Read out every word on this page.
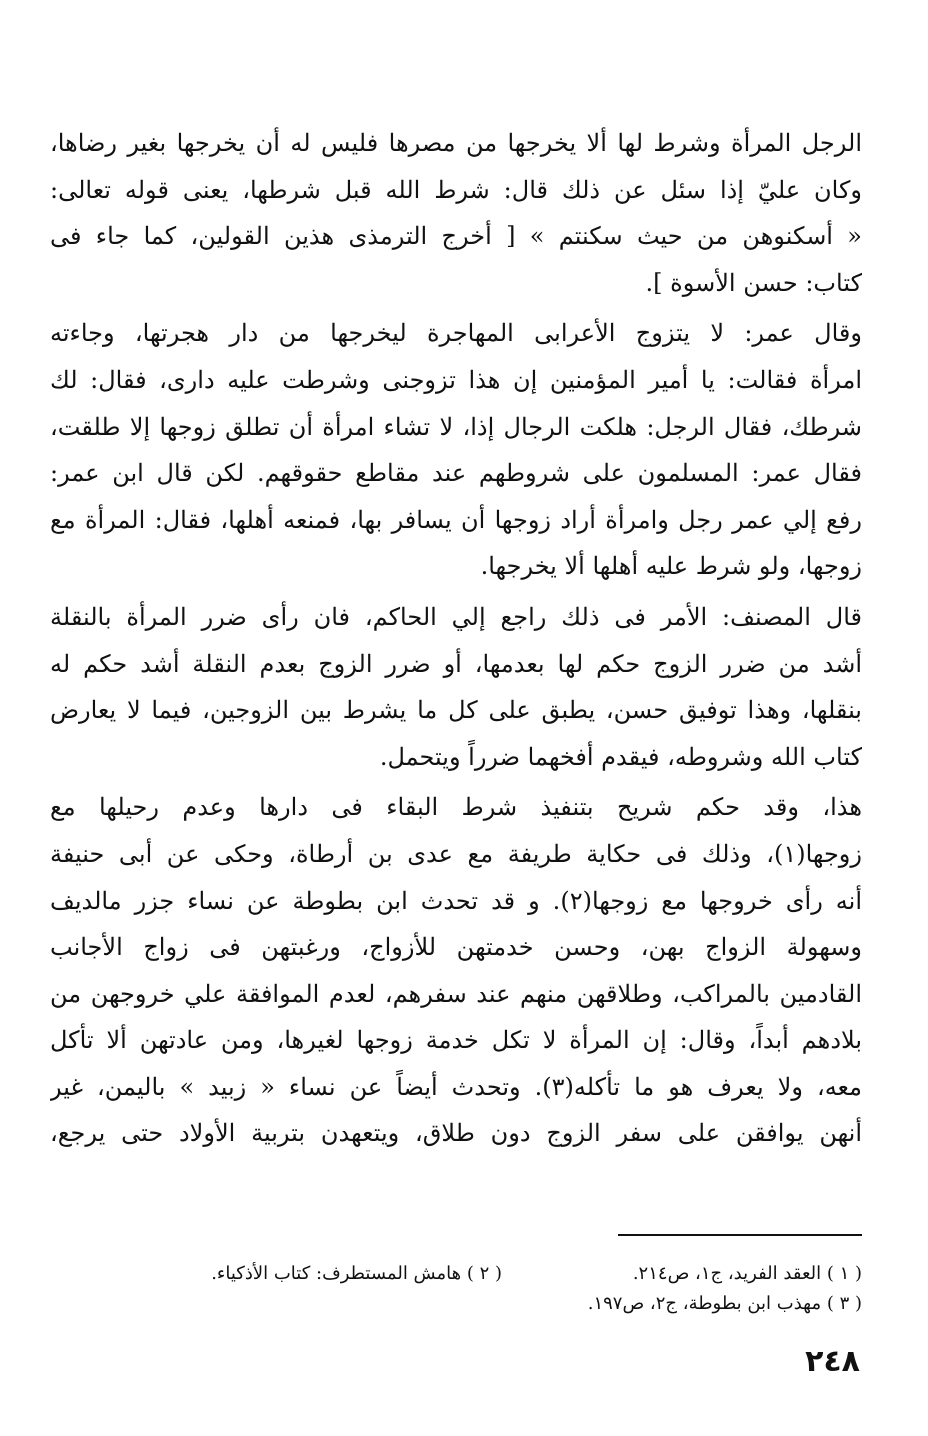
الرجل المرأة وشرط لها ألا يخرجها من مصرها فليس له أن يخرجها بغير رضاها،
وكان عليّ إذا سئل عن ذلك قال: شرط الله قبل شرطها، يعنى قوله تعالى:
« أسكنوهن من حيث سكنتم » [ أخرج الترمذى هذين القولين، كما جاء فى
كتاب: حسن الأسوة ].
وقال عمر: لا يتزوج الأعرابى المهاجرة ليخرجها من دار هجرتها، وجاءته
امرأة فقالت: يا أمير المؤمنين إن هذا تزوجنى وشرطت عليه دارى، فقال: لك
شرطك، فقال الرجل: هلكت الرجال إذا، لا تشاء امرأة أن تطلق زوجها إلا طلقت،
فقال عمر: المسلمون على شروطهم عند مقاطع حقوقهم. لكن قال ابن عمر:
رفع إلي عمر رجل وامرأة أراد زوجها أن يسافر بها، فمنعه أهلها، فقال: المرأة مع
زوجها، ولو شرط عليه أهلها ألا يخرجها.
قال المصنف: الأمر فى ذلك راجع إلي الحاكم، فان رأى ضرر المرأة بالنقلة
أشد من ضرر الزوج حكم لها بعدمها، أو ضرر الزوج بعدم النقلة أشد حكم له
بنقلها، وهذا توفيق حسن، يطبق على كل ما يشرط بين الزوجين، فيما لا يعارض
كتاب الله وشروطه، فيقدم أفخهما ضرراً ويتحمل.
هذا، وقد حكم شريح بتنفيذ شرط البقاء فى دارها وعدم رحيلها مع
زوجها(١)، وذلك فى حكاية طريفة مع عدى بن أرطاة، وحكى عن أبى حنيفة
أنه رأى خروجها مع زوجها(٢). و قد تحدث ابن بطوطة عن نساء جزر مالديف
وسهولة الزواج بهن، وحسن خدمتهن للأزواج، ورغبتهن فى زواج الأجانب
القادمين بالمراكب، وطلاقهن منهم عند سفرهم، لعدم الموافقة علي خروجهن من
بلادهم أبداً، وقال: إن المرأة لا تكل خدمة زوجها لغيرها، ومن عادتهن ألا تأكل
معه، ولا يعرف هو ما تأكله(٣). وتحدث أيضاً عن نساء « زبيد » باليمن، غير
أنهن يوافقن على سفر الزوج دون طلاق، ويتعهدن بتربية الأولاد حتى يرجع،
( ١ ) العقد الفريد، ج١، ص٢١٤.
( ٢ ) هامش المستطرف: كتاب الأذكياء.
( ٣ ) مهذب ابن بطوطة، ج٢، ص١٩٧.
٢٤٨
